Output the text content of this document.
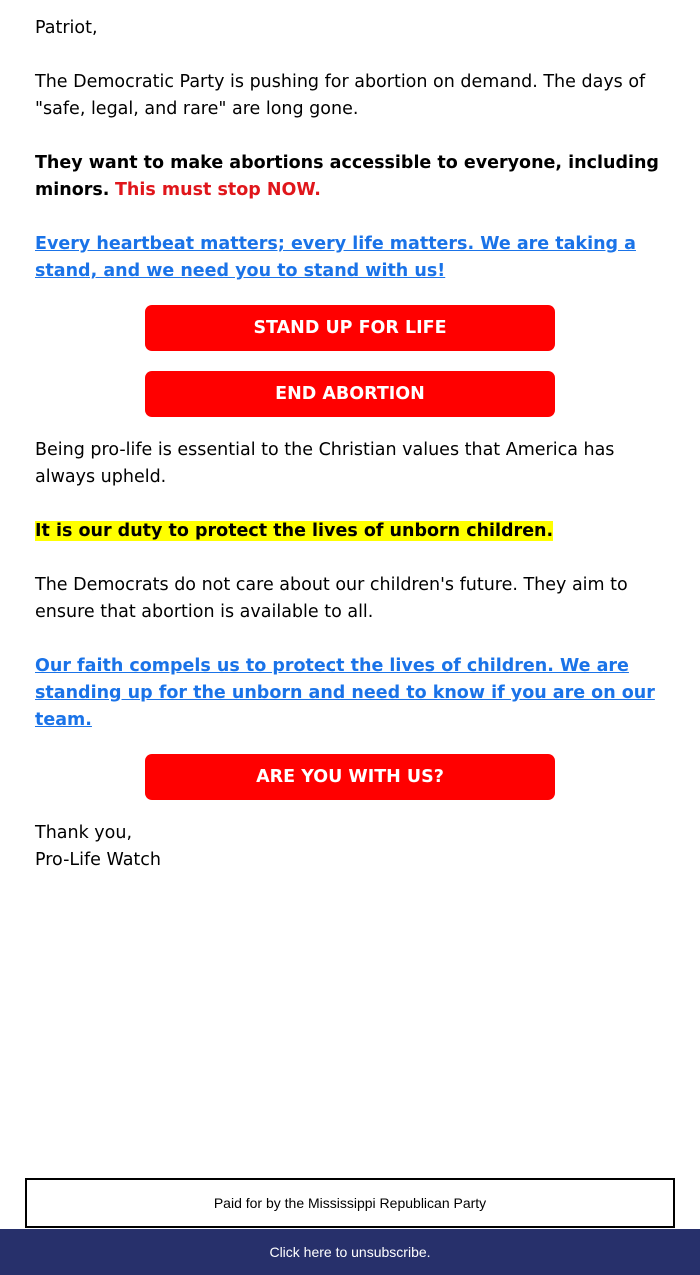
Patriot,
The Democratic Party is pushing for abortion on demand. The days of "safe, legal, and rare" are long gone.
They want to make abortions accessible to everyone, including minors. This must stop NOW.
Every heartbeat matters; every life matters. We are taking a stand, and we need you to stand with us!
STAND UP FOR LIFE
END ABORTION
Being pro-life is essential to the Christian values that America has always upheld.
It is our duty to protect the lives of unborn children.
The Democrats do not care about our children's future. They aim to ensure that abortion is available to all.
Our faith compels us to protect the lives of children. We are standing up for the unborn and need to know if you are on our team.
ARE YOU WITH US?
Thank you,
Pro-Life Watch
Paid for by the Mississippi Republican Party
Click here to unsubscribe.
